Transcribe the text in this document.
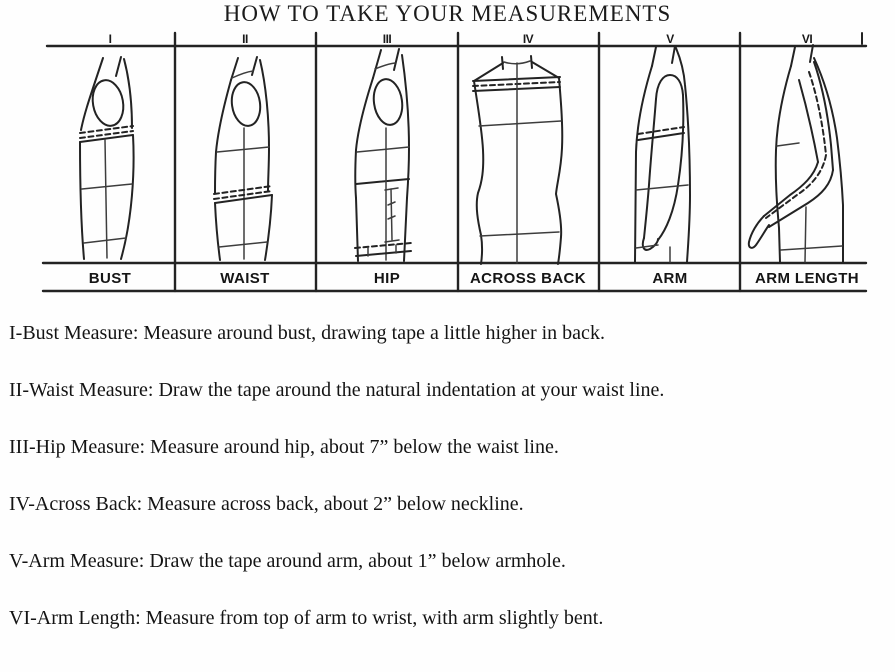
HOW TO TAKE YOUR MEASUREMENTS
I	II	III	IV	V	VI
BUST	WAIST	HIP	ACROSS BACK	ARM	ARM LENGTH

I-Bust Measure: Measure around bust, drawing tape a little higher in back.

II-Waist Measure: Draw the tape around the natural indentation at your waist line.

III-Hip Measure: Measure around hip, about 7” below the waist line.

IV-Across Back: Measure across back, about 2” below neckline.

V-Arm Measure: Draw the tape around arm, about 1” below armhole.

VI-Arm Length: Measure from top of arm to wrist, with arm slightly bent.
